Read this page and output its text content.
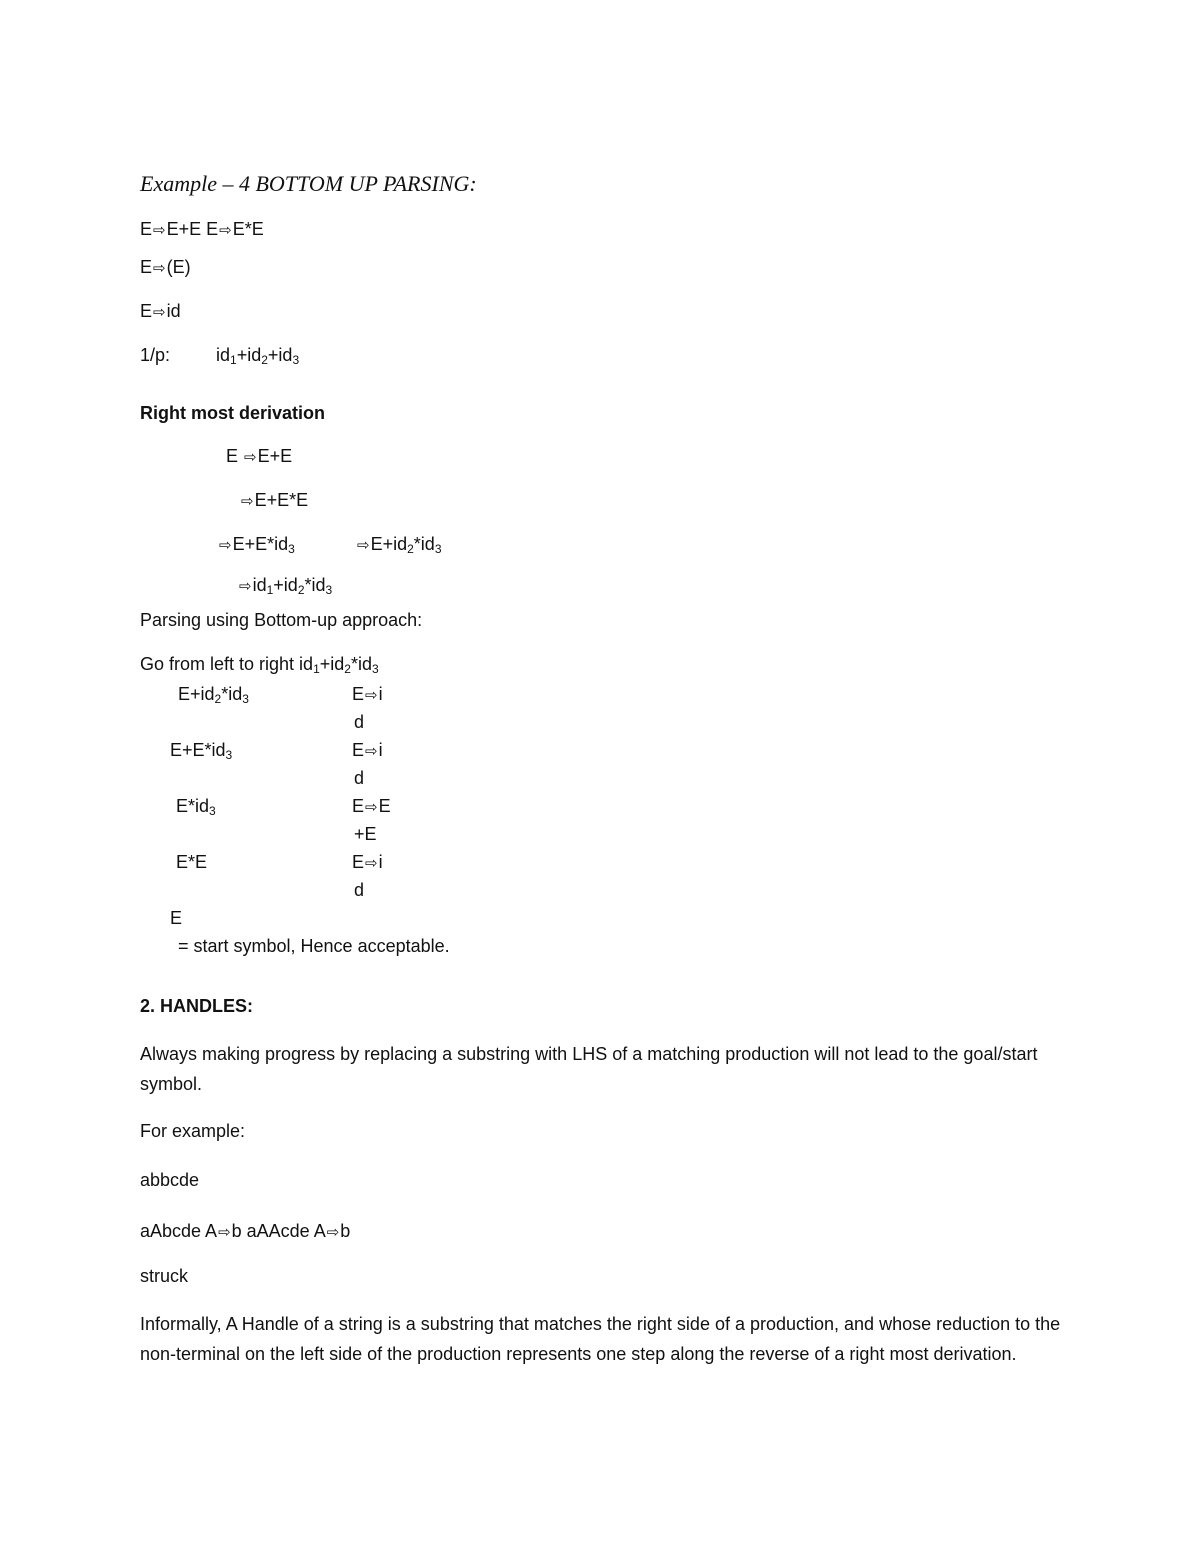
Example – 4 BOTTOM UP PARSING:
E⇨E+E E⇨E*E
E⇨(E)
E⇨id
1/p:	$id_1+id_2+id_3$
Right most derivation
E ⇨E+E
⇨E+E*E
$⇨E+E*id_3$	$⇨E+id_2*id_3$
$⇨id_1+id_2*id_3$
Parsing using Bottom-up approach:
Go from left to right $id_1+id_2*id_3$
$E+id_2*id_3$	E⇨i
d
$E+E*id_3$	E⇨i
d
$E*id_3$	E⇨E
+E
E*E	E⇨i
d
E
= start symbol, Hence acceptable.
2. HANDLES:
Always making progress by replacing a substring with LHS of a matching production will not lead to the goal/start symbol.
For example:
abbcde
aAbcde A⇨b aAAcde A⇨b
struck
Informally, A Handle of a string is a substring that matches the right side of a production, and whose reduction to the non-terminal on the left side of the production represents one step along the reverse of a right most derivation.
